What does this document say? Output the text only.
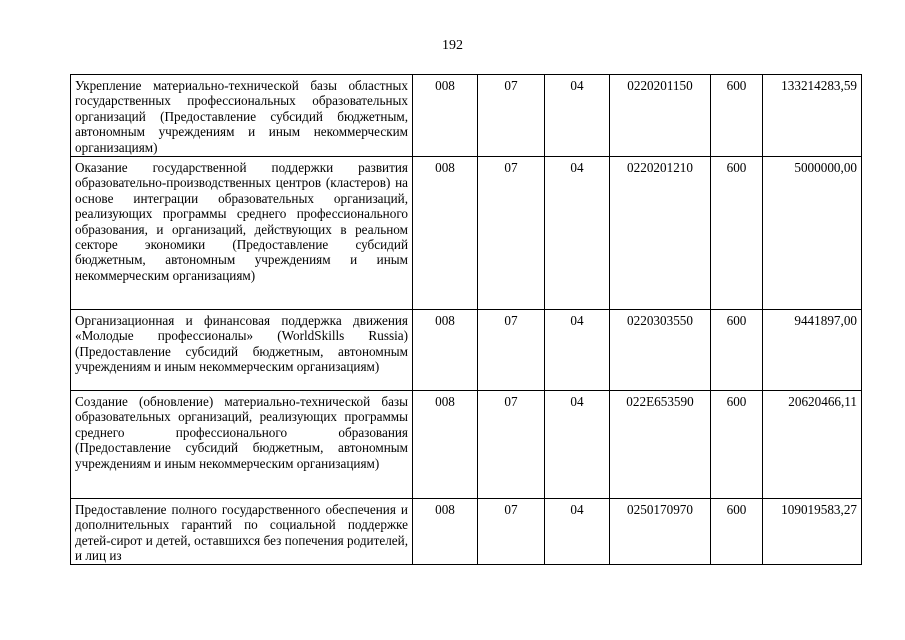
192
Укрепление материально-технической базы областных государственных профессиональных образовательных организаций (Предоставление субсидий бюджетным, автономным учреждениям и иным некоммерческим организациям)	008	07	04	0220201150	600	133214283,59
Оказание государственной поддержки развития образовательно-производственных центров (кластеров) на основе интеграции образовательных организаций, реализующих программы среднего профессионального образования, и организаций, действующих в реальном секторе экономики (Предоставление субсидий бюджетным, автономным учреждениям и иным некоммерческим организациям)	008	07	04	0220201210	600	5000000,00
Организационная и финансовая поддержка движения «Молодые профессионалы» (WorldSkills Russia) (Предоставление субсидий бюджетным, автономным учреждениям и иным некоммерческим организациям)	008	07	04	0220303550	600	9441897,00
Создание (обновление) материально-технической базы образовательных организаций, реализующих программы среднего профессионального образования (Предоставление субсидий бюджетным, автономным учреждениям и иным некоммерческим организациям)	008	07	04	022E653590	600	20620466,11
Предоставление полного государственного обеспечения и дополнительных гарантий по социальной поддержке детей-сирот и детей, оставшихся без попечения родителей, и лиц из	008	07	04	0250170970	600	109019583,27
